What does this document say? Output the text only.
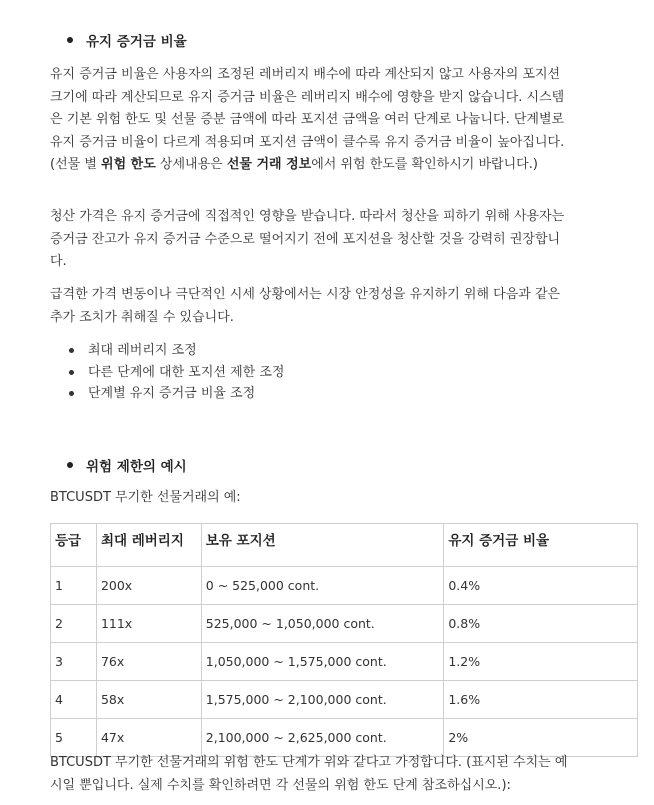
유지 증거금 비율

유지 증거금 비율은 사용자의 조정된 레버리지 배수에 따라 계산되지 않고 사용자의 포지션 크기에 따라 계산되므로 유지 증거금 비율은 레버리지 배수에 영향을 받지 않습니다. 시스템은 기본 위험 한도 및 선물 증분 금액에 따라 포지션 금액을 여러 단계로 나눕니다. 단계별로 유지 증거금 비율이 다르게 적용되며 포지션 금액이 클수록 유지 증거금 비율이 높아집니다. (선물 별 위험 한도 상세내용은 선물 거래 정보에서 위험 한도를 확인하시기 바랍니다.)

청산 가격은 유지 증거금에 직접적인 영향을 받습니다. 따라서 청산을 피하기 위해 사용자는 증거금 잔고가 유지 증거금 수준으로 떨어지기 전에 포지션을 청산할 것을 강력히 권장합니다.

급격한 가격 변동이나 극단적인 시세 상황에서는 시장 안정성을 유지하기 위해 다음과 같은 추가 조치가 취해질 수 있습니다.

최대 레버리지 조정
다른 단계에 대한 포지션 제한 조정
단계별 유지 증거금 비율 조정
위험 제한의 예시

BTCUSDT 무기한 선물거래의 예:

등급	최대 레버리지	보유 포지션	유지 증거금 비율
1	200x	0 ~ 525,000 cont.	0.4%
2	111x	525,000 ~ 1,050,000 cont.	0.8%
3	76x	1,050,000 ~ 1,575,000 cont.	1.2%
4	58x	1,575,000 ~ 2,100,000 cont.	1.6%
5	47x	2,100,000 ~ 2,625,000 cont.	2%

BTCUSDT 무기한 선물거래의 위험 한도 단계가 위와 같다고 가정합니다. (표시된 수치는 예시일 뿐입니다. 실제 수치를 확인하려면 각 선물의 위험 한도 단계 참조하십시오.):
